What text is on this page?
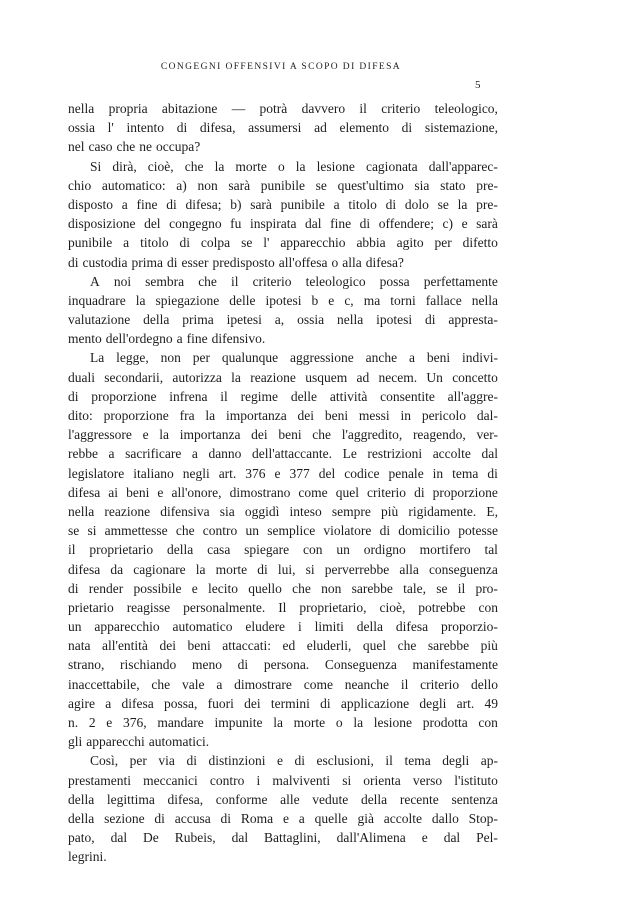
CONGEGNI OFFENSIVI A SCOPO DI DIFESA
5
nella propria abitazione — potrà davvero il criterio teleologico,
ossia l' intento di difesa, assumersi ad elemento di sistemazione,
nel caso che ne occupa?
Si dirà, cioè, che la morte o la lesione cagionata dall'apparec-
chio automatico: a) non sarà punibile se quest'ultimo sia stato pre-
disposto a fine di difesa; b) sarà punibile a titolo di dolo se la pre-
disposizione del congegno fu inspirata dal fine di offendere; c) e sarà
punibile a titolo di colpa se l' apparecchio abbia agito per difetto
di custodia prima di esser predisposto all'offesa o alla difesa?
A noi sembra che il criterio teleologico possa perfettamente
inquadrare la spiegazione delle ipotesi b e c, ma torni fallace nella
valutazione della prima ipetesi a, ossia nella ipotesi di appresta-
mento dell'ordegno a fine difensivo.
La legge, non per qualunque aggressione anche a beni indivi-
duali secondarii, autorizza la reazione usquem ad necem. Un concetto
di proporzione infrena il regime delle attività consentite all'aggre-
dito: proporzione fra la importanza dei beni messi in pericolo dal-
l'aggressore e la importanza dei beni che l'aggredito, reagendo, ver-
rebbe a sacrificare a danno dell'attaccante. Le restrizioni accolte dal
legislatore italiano negli art. 376 e 377 del codice penale in tema di
difesa ai beni e all'onore, dimostrano come quel criterio di proporzione
nella reazione difensiva sia oggidì inteso sempre più rigidamente. E,
se si ammettesse che contro un semplice violatore di domicilio potesse
il proprietario della casa spiegare con un ordigno mortifero tal
difesa da cagionare la morte di lui, si perverrebbe alla conseguenza
di render possibile e lecito quello che non sarebbe tale, se il pro-
prietario reagisse personalmente. Il proprietario, cioè, potrebbe con
un apparecchio automatico eludere i limiti della difesa proporzio-
nata all'entità dei beni attaccati: ed eluderli, quel che sarebbe più
strano, rischiando meno di persona. Conseguenza manifestamente
inaccettabile, che vale a dimostrare come neanche il criterio dello
agire a difesa possa, fuori dei termini di applicazione degli art. 49
n. 2 e 376, mandare impunite la morte o la lesione prodotta con
gli apparecchi automatici.
Così, per via di distinzioni e di esclusioni, il tema degli ap-
prestamenti meccanici contro i malviventi si orienta verso l'istituto
della legittima difesa, conforme alle vedute della recente sentenza
della sezione di accusa di Roma e a quelle già accolte dallo Stop-
pato, dal De Rubeis, dal Battaglini, dall'Alimena e dal Pel-
legrini.
